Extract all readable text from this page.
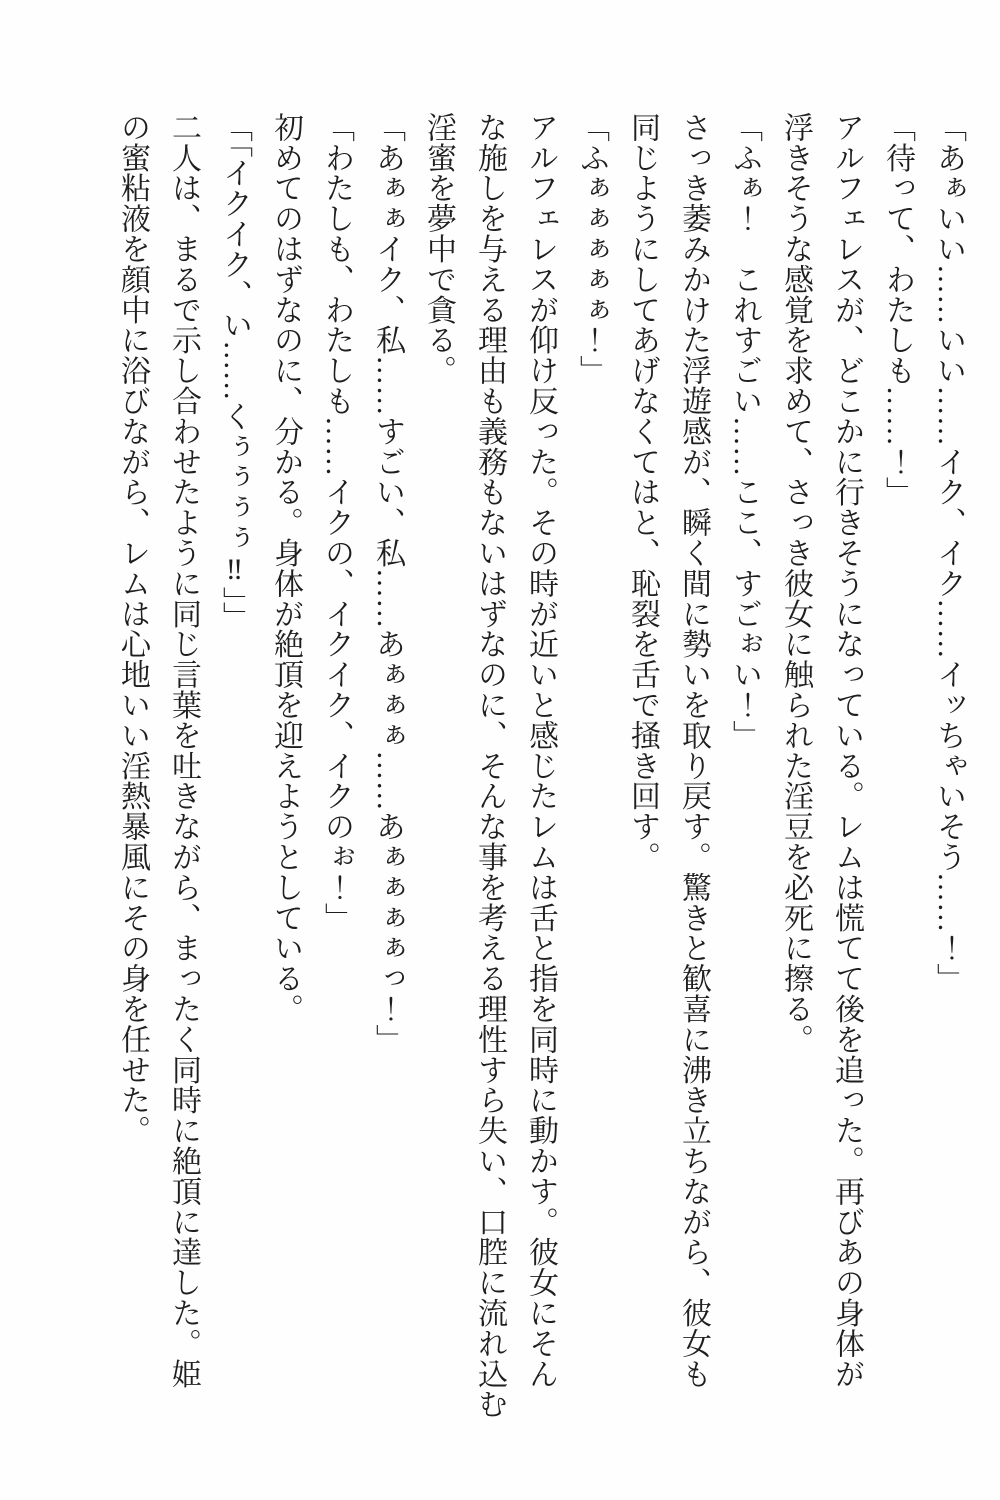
「あぁいい……いい……イク、イク……イッちゃいそう……！」

「待って、わたしも……！」

アルフェレスが、どこかに行きそうになっている。レムは慌てて後を追った。再びあの身体が

浮きそうな感覚を求めて、さっき彼女に触られた淫豆を必死に擦る。

「ふぁ！　これすごい……ここ、すごぉい！」

さっき萎みかけた浮遊感が、瞬く間に勢いを取り戻す。驚きと歓喜に沸き立ちながら、彼女も

同じようにしてあげなくてはと、恥裂を舌で掻き回す。

「ふぁぁぁぁぁ！」

アルフェレスが仰け反った。その時が近いと感じたレムは舌と指を同時に動かす。彼女にそん

な施しを与える理由も義務もないはずなのに、そんな事を考える理性すら失い、口腔に流れ込む

淫蜜を夢中で貪る。

「あぁぁイク、私……すごい、私……あぁぁぁ……あぁぁぁぁっ！」

「わたしも、わたしも……イクの、イクイク、イクのぉ！」

初めてのはずなのに、分かる。身体が絶頂を迎えようとしている。

「「イクイク、い……くぅぅぅぅ‼」」

二人は、まるで示し合わせたように同じ言葉を吐きながら、まったく同時に絶頂に達した。姫

の蜜粘液を顔中に浴びながら、レムは心地いい淫熱暴風にその身を任せた。
